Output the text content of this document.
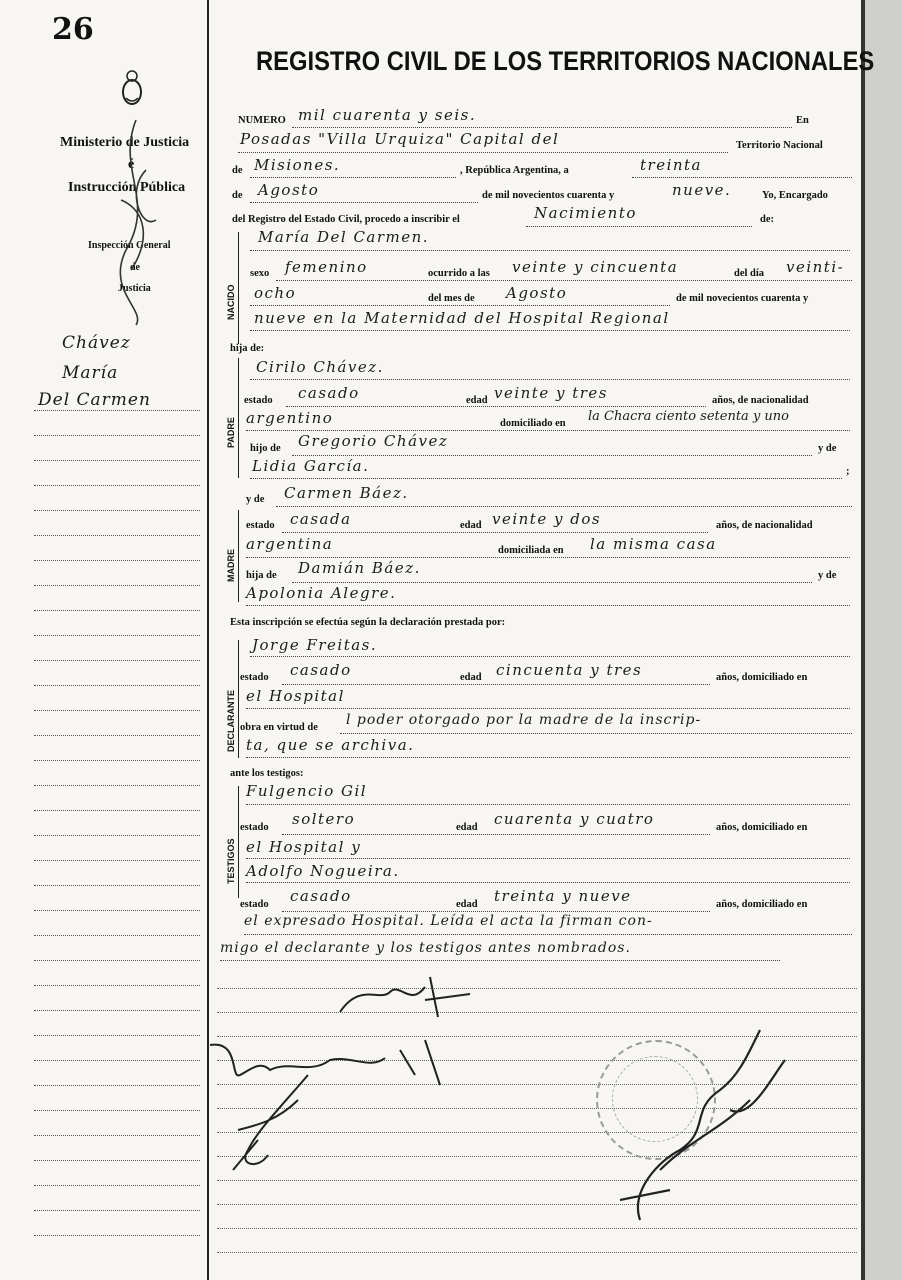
26
REGISTRO CIVIL DE LOS TERRITORIOS NACIONALES
Ministerio de Justicia
é
Instrucción Pública
Inspección General
de
Justicia
Chávez
María
Del Carmen
NUMERO mil cuarenta y seis.	En
Posadas "Villa Urquiza" Capital del	Territorio Nacional
de Misiones.	, República Argentina, a	treinta
de Agosto	de mil novecientos cuarenta y	nueve.	Yo, Encargado
del Registro del Estado Civil, procedo a inscribir el	Nacimiento	de:
NACIDO
María Del Carmen.
sexo femenino	ocurrido a las veinte y cincuenta	del día veinti-
ocho	del mes de Agosto	de mil novecientos cuarenta y
nueve en la Maternidad del Hospital Regional
hija de:
PADRE
Cirilo Chávez.
estado casado	edad veinte y tres	años, de nacionalidad
argentino	domiciliado en la Chacra ciento setenta y uno
hijo de Gregorio Chávez	y de
Lidia García.	;
y de Carmen Báez.
MADRE
estado casada	edad veinte y dos	años, de nacionalidad
argentina	domiciliada en la misma casa
hija de Damián Báez.	y de
Apolonia Alegre.
Esta inscripción se efectúa según la declaración prestada por:
DECLARANTE
Jorge Freitas.
estado casado	edad cincuenta y tres	años, domiciliado en
el Hospital
obra en virtud de l poder otorgado por la madre de la inscrip-
ta, que se archiva.
ante los testigos:
TESTIGOS
Fulgencio Gil
estado soltero	edad cuarenta y cuatro	años, domiciliado en
el Hospital y
Adolfo Nogueira.
estado casado	edad treinta y nueve	años, domiciliado en
el expresado Hospital. Leída el acta la firman con-
migo el declarante y los testigos antes nombrados.
